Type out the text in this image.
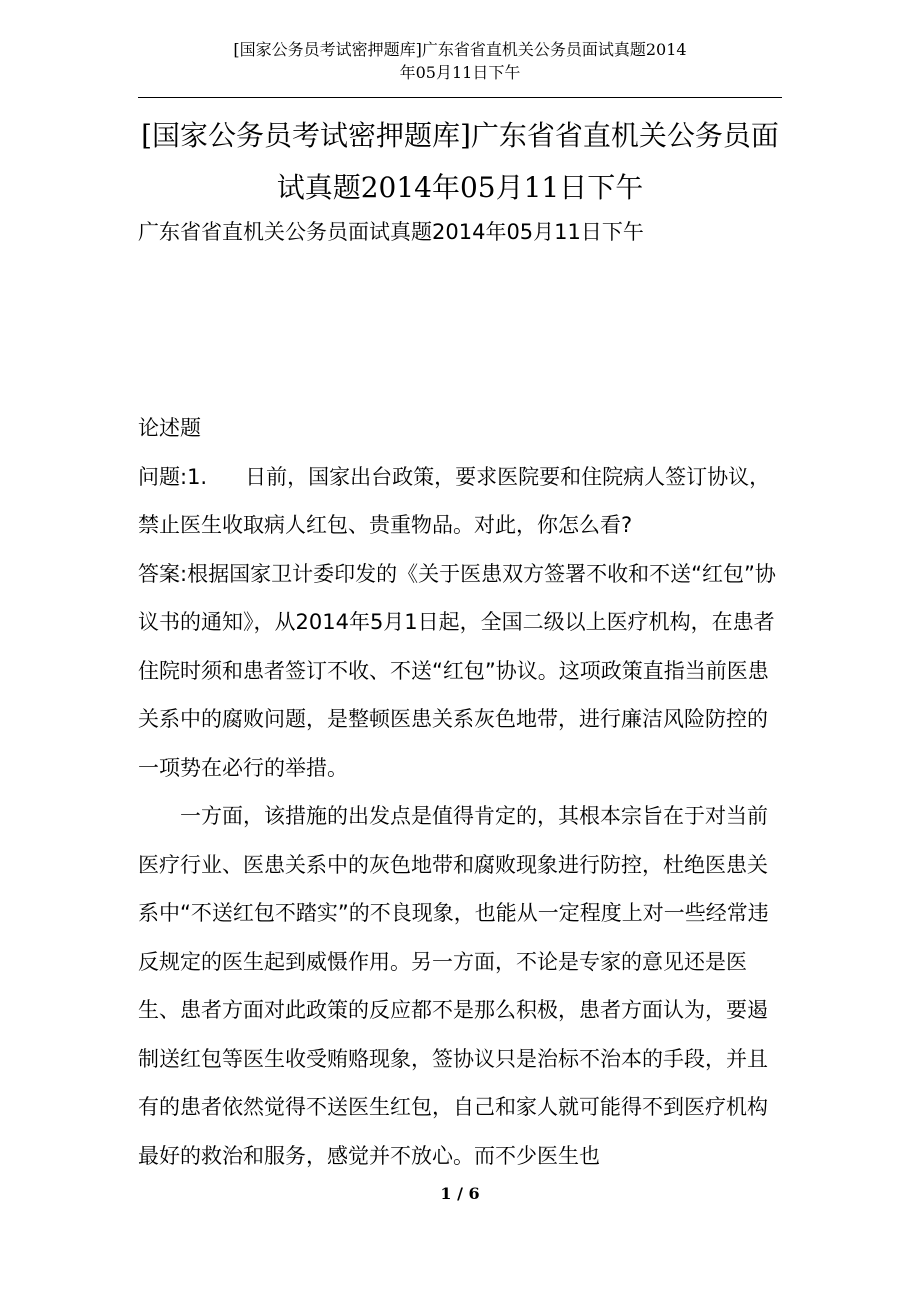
[国家公务员考试密押题库]广东省省直机关公务员面试真题2014
年05月11日下午
[国家公务员考试密押题库]广东省省直机关公务员面
试真题2014年05月11日下午
广东省省直机关公务员面试真题2014年05月11日下午

论述题

问题:1. 日前，国家出台政策，要求医院要和住院病人签订协议，禁止医生收取病人红包、贵重物品。对此，你怎么看?

答案:根据国家卫计委印发的《关于医患双方签署不收和不送“红包”协议书的通知》，从2014年5月1日起，全国二级以上医疗机构，在患者住院时须和患者签订不收、不送“红包”协议。这项政策直指当前医患关系中的腐败问题，是整顿医患关系灰色地带，进行廉洁风险防控的一项势在必行的举措。

一方面，该措施的出发点是值得肯定的，其根本宗旨在于对当前医疗行业、医患关系中的灰色地带和腐败现象进行防控，杜绝医患关系中“不送红包不踏实”的不良现象，也能从一定程度上对一些经常违反规定的医生起到威慑作用。另一方面，不论是专家的意见还是医生、患者方面对此政策的反应都不是那么积极，患者方面认为，要遏制送红包等医生收受贿赂现象，签协议只是治标不治本的手段，并且有的患者依然觉得不送医生红包，自己和家人就可能得不到医疗机构最好的救治和服务，感觉并不放心。而不少医生也

1 / 6
